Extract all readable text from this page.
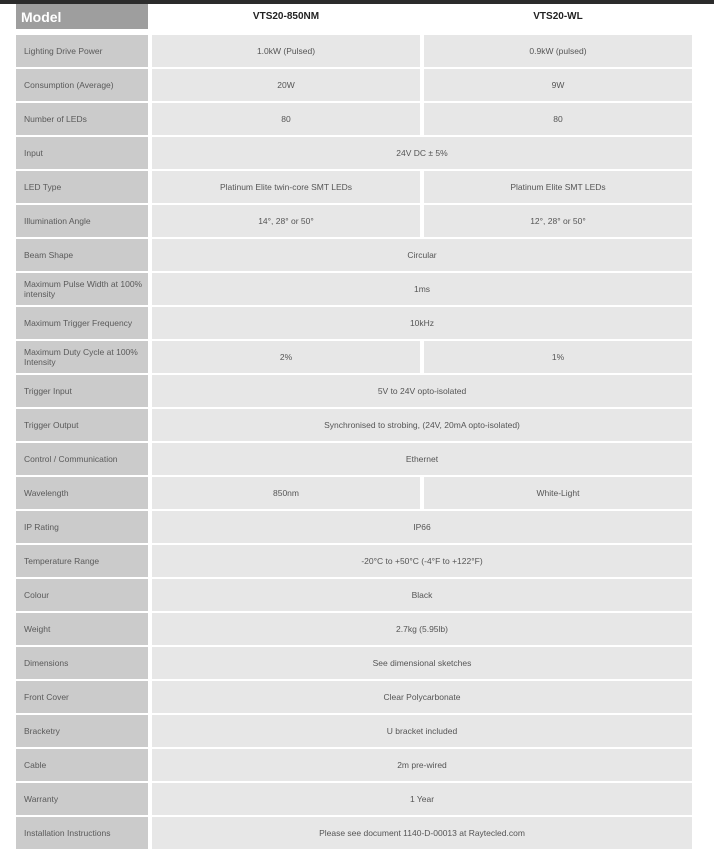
Model	VTS20-850NM	VTS20-WL
Lighting Drive Power	1.0kW (Pulsed)	0.9kW (pulsed)
Consumption (Average)	20W	9W
Number of LEDs	80	80
Input	24V DC ± 5%
LED Type	Platinum Elite twin-core SMT LEDs	Platinum Elite SMT LEDs
Illumination Angle	14°, 28° or 50°	12°, 28° or 50°
Beam Shape	Circular
Maximum Pulse Width at 100% intensity	1ms
Maximum Trigger Frequency	10kHz
Maximum Duty Cycle at 100% Intensity	2%	1%
Trigger Input	5V to 24V opto-isolated
Trigger Output	Synchronised to strobing, (24V, 20mA opto-isolated)
Control / Communication	Ethernet
Wavelength	850nm	White-Light
IP Rating	IP66
Temperature Range	-20°C to +50°C (-4°F to +122°F)
Colour	Black
Weight	2.7kg (5.95lb)
Dimensions	See dimensional sketches
Front Cover	Clear Polycarbonate
Bracketry	U bracket included
Cable	2m pre-wired
Warranty	1 Year
Installation Instructions	Please see document 1140-D-00013 at Raytecled.com
